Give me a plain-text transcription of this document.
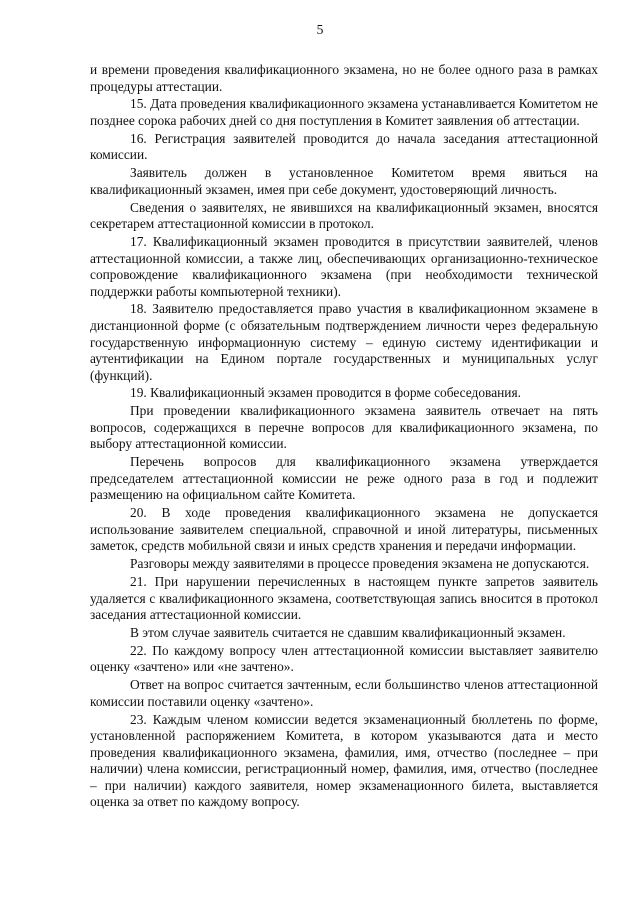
5

и времени проведения квалификационного экзамена, но не более одного раза в рамках процедуры аттестации.

15. Дата проведения квалификационного экзамена устанавливается Комитетом не позднее сорока рабочих дней со дня поступления в Комитет заявления об аттестации.

16. Регистрация заявителей проводится до начала заседания аттестационной комиссии.

Заявитель должен в установленное Комитетом время явиться на квалификационный экзамен, имея при себе документ, удостоверяющий личность.

Сведения о заявителях, не явившихся на квалификационный экзамен, вносятся секретарем аттестационной комиссии в протокол.

17. Квалификационный экзамен проводится в присутствии заявителей, членов аттестационной комиссии, а также лиц, обеспечивающих организационно-техническое сопровождение квалификационного экзамена (при необходимости технической поддержки работы компьютерной техники).

18. Заявителю предоставляется право участия в квалификационном экзамене в дистанционной форме (с обязательным подтверждением личности через федеральную государственную информационную систему – единую систему идентификации и аутентификации на Едином портале государственных и муниципальных услуг (функций).

19. Квалификационный экзамен проводится в форме собеседования.

При проведении квалификационного экзамена заявитель отвечает на пять вопросов, содержащихся в перечне вопросов для квалификационного экзамена, по выбору аттестационной комиссии.

Перечень вопросов для квалификационного экзамена утверждается председателем аттестационной комиссии не реже одного раза в год и подлежит размещению на официальном сайте Комитета.

20. В ходе проведения квалификационного экзамена не допускается использование заявителем специальной, справочной и иной литературы, письменных заметок, средств мобильной связи и иных средств хранения и передачи информации.

Разговоры между заявителями в процессе проведения экзамена не допускаются.

21. При нарушении перечисленных в настоящем пункте запретов заявитель удаляется с квалификационного экзамена, соответствующая запись вносится в протокол заседания аттестационной комиссии.

В этом случае заявитель считается не сдавшим квалификационный экзамен.

22. По каждому вопросу член аттестационной комиссии выставляет заявителю оценку «зачтено» или «не зачтено».

Ответ на вопрос считается зачтенным, если большинство членов аттестационной комиссии поставили оценку «зачтено».

23. Каждым членом комиссии ведется экзаменационный бюллетень по форме, установленной распоряжением Комитета, в котором указываются дата и место проведения квалификационного экзамена, фамилия, имя, отчество (последнее – при наличии) члена комиссии, регистрационный номер, фамилия, имя, отчество (последнее – при наличии) каждого заявителя, номер экзаменационного билета, выставляется оценка за ответ по каждому вопросу.
